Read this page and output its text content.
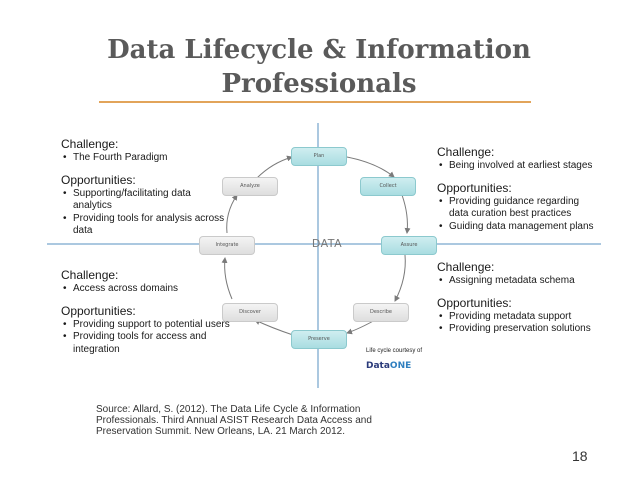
Data Lifecycle & Information
Professionals
Plan
Collect
Assure
Describe
Preserve
Discover
Integrate
Analyze
DATA
Life cycle courtesy of
DataONE
Challenge:
• The Fourth Paradigm
Opportunities:
• Supporting/facilitating data analytics
• Providing tools for analysis across data
Challenge:
• Being involved at earliest stages
Opportunities:
• Providing guidance regarding data curation best practices
• Guiding data management plans
Challenge:
• Access across domains
Opportunities:
• Providing support to potential users
• Providing tools for access and integration
Challenge:
• Assigning metadata schema
Opportunities:
• Providing metadata support
• Providing preservation solutions
Source: Allard, S. (2012). The Data Life Cycle & Information Professionals. Third Annual ASIST Research Data Access and Preservation Summit. New Orleans, LA. 21 March 2012.
18
